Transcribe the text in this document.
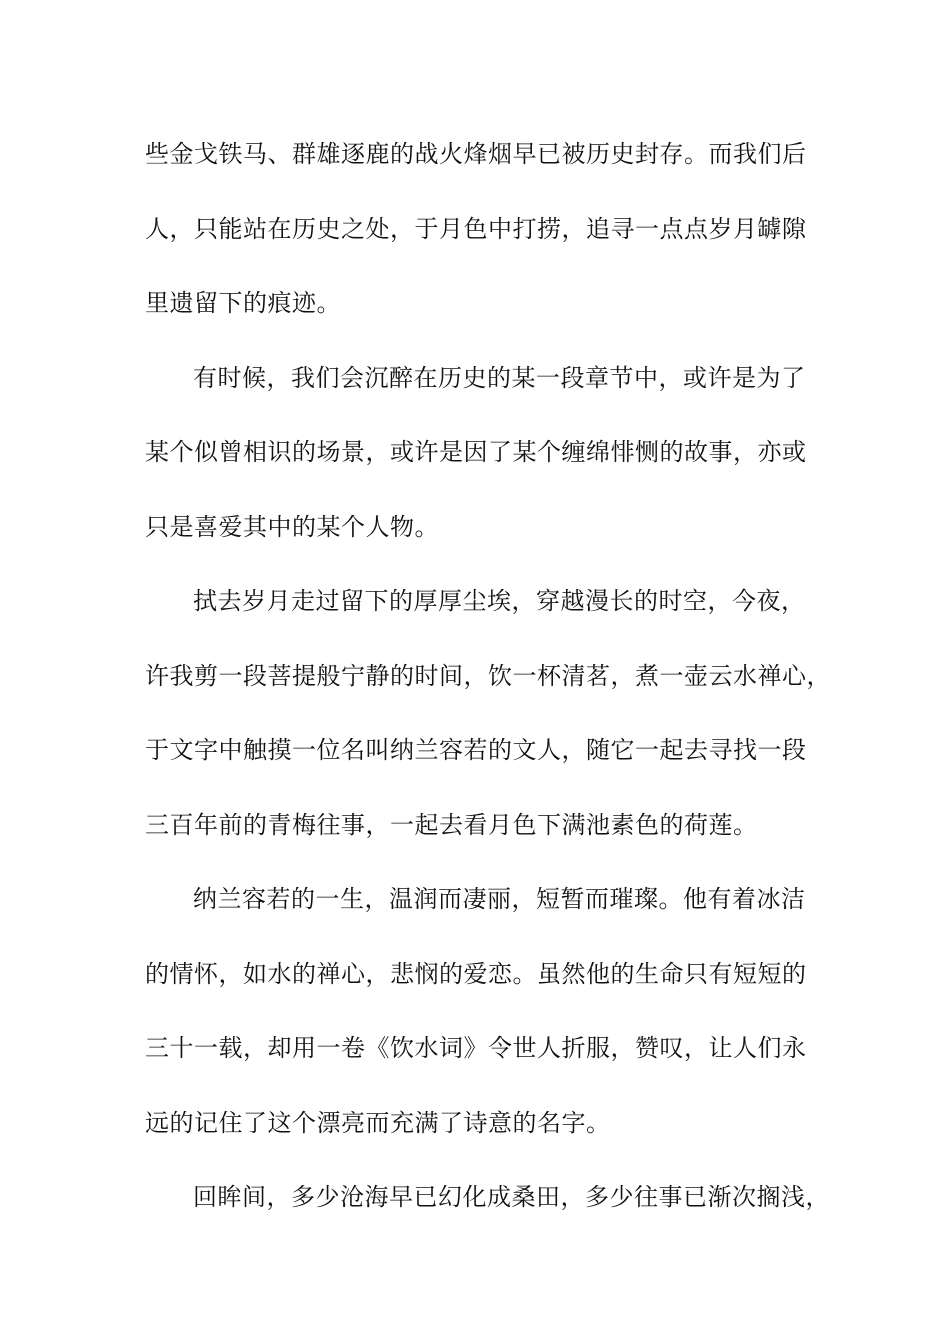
些金戈铁马、群雄逐鹿的战火烽烟早已被历史封存。而我们后
人，只能站在历史之处，于月色中打捞，追寻一点点岁月罅隙
里遗留下的痕迹。
有时候，我们会沉醉在历史的某一段章节中，或许是为了
某个似曾相识的场景，或许是因了某个缠绵悱恻的故事，亦或
只是喜爱其中的某个人物。
拭去岁月走过留下的厚厚尘埃，穿越漫长的时空，今夜，
许我剪一段菩提般宁静的时间，饮一杯清茗，煮一壶云水禅心，
于文字中触摸一位名叫纳兰容若的文人，随它一起去寻找一段
三百年前的青梅往事，一起去看月色下满池素色的荷莲。
纳兰容若的一生，温润而凄丽，短暂而璀璨。他有着冰洁
的情怀，如水的禅心，悲悯的爱恋。虽然他的生命只有短短的
三十一载，却用一卷《饮水词》令世人折服，赞叹，让人们永
远的记住了这个漂亮而充满了诗意的名字。
回眸间，多少沧海早已幻化成桑田，多少往事已渐次搁浅，
